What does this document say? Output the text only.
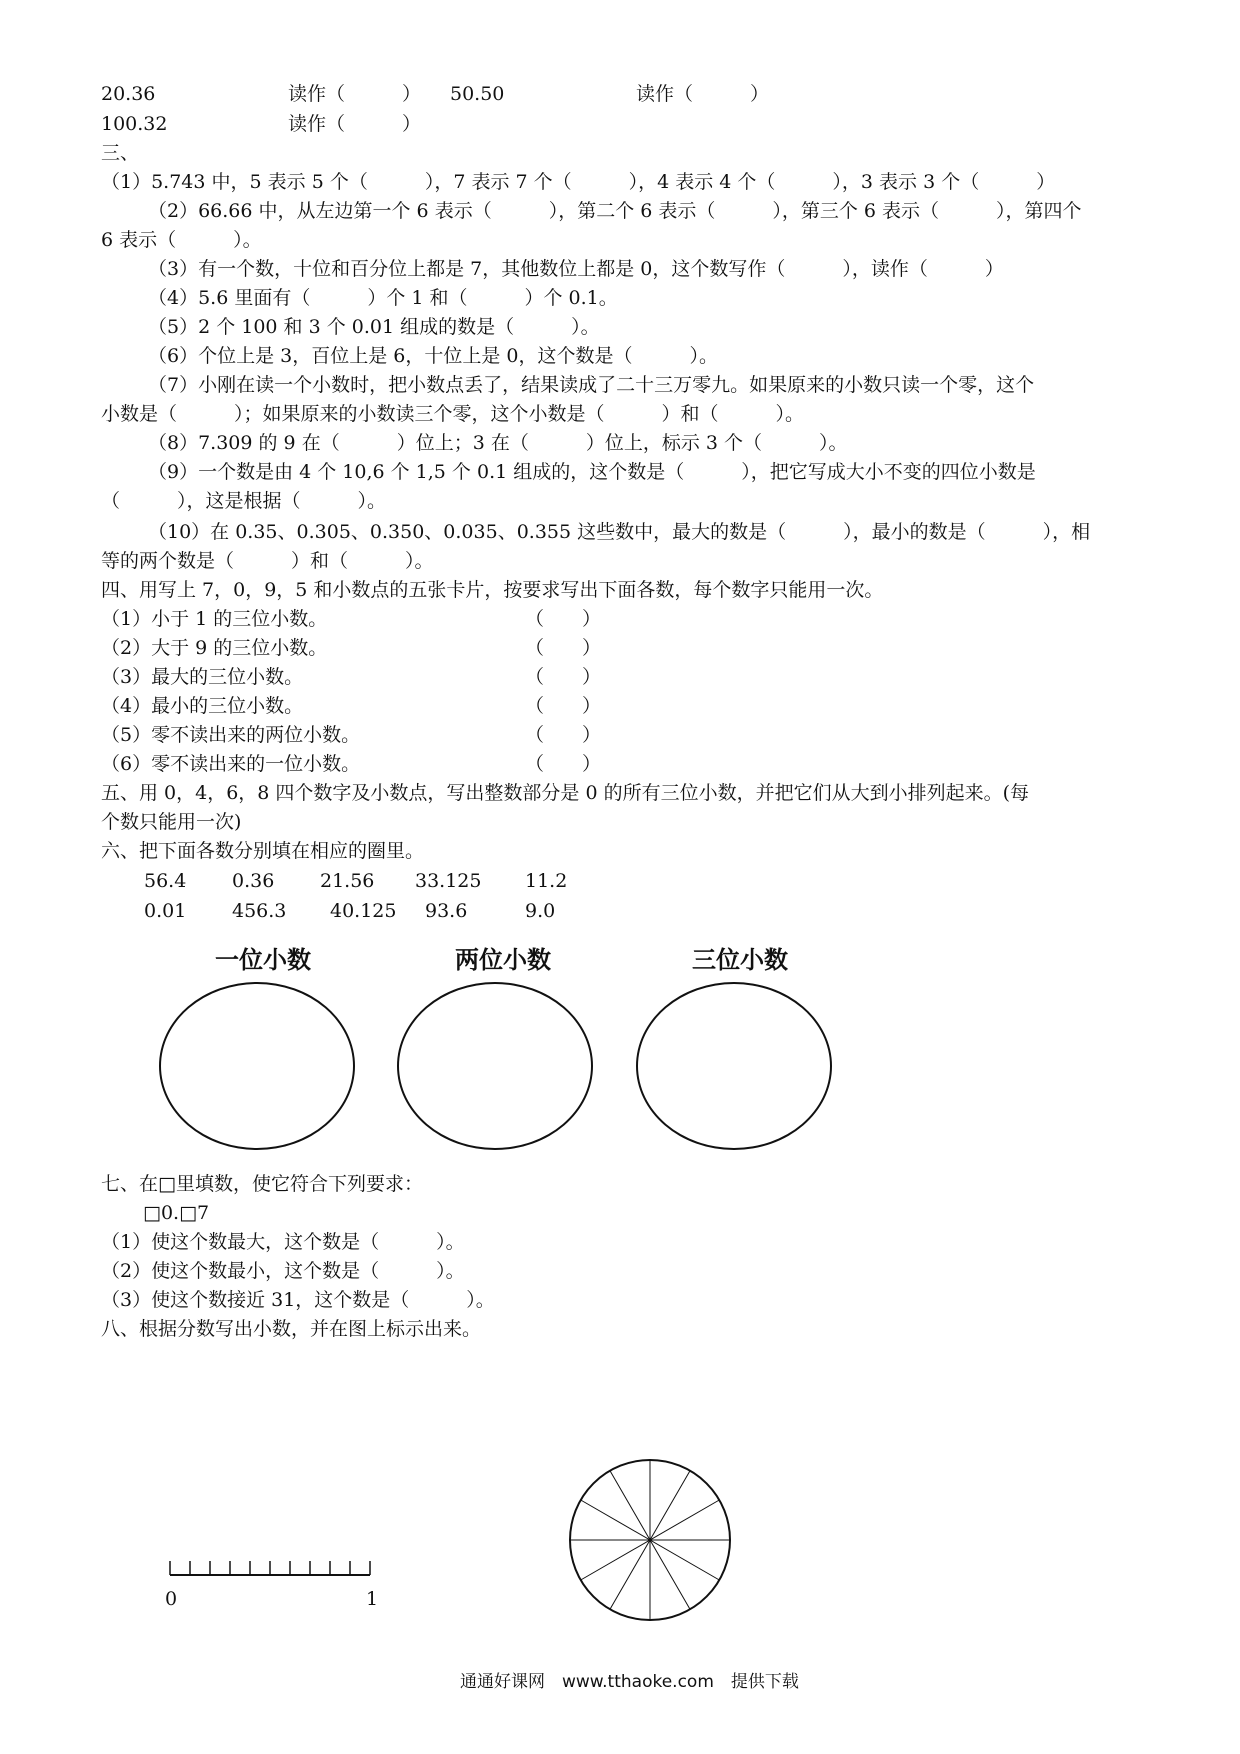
20.36	读作（　　　） 50.50	读作（　　　）
100.32	读作（　　　）
三、
（1）5.743 中，5 表示 5 个（　　　），7 表示 7 个（　　　），4 表示 4 个（　　　），3 表示 3 个（　　　）
（2）66.66 中，从左边第一个 6 表示（　　　），第二个 6 表示（　　　），第三个 6 表示（　　　），第四个
6 表示（　　　）。
（3）有一个数，十位和百分位上都是 7，其他数位上都是 0，这个数写作（　　　），读作（　　　）
（4）5.6 里面有（　　　）个 1 和（　　　）个 0.1。
（5）2 个 100 和 3 个 0.01 组成的数是（　　　）。
（6）个位上是 3，百位上是 6，十位上是 0，这个数是（　　　）。
（7）小刚在读一个小数时，把小数点丢了，结果读成了二十三万零九。如果原来的小数只读一个零，这个
小数是（　　　）；如果原来的小数读三个零，这个小数是（　　　）和（　　　）。
（8）7.309 的 9 在（　　　）位上；3 在（　　　）位上，标示 3 个（　　　）。
（9）一个数是由 4 个 10,6 个 1,5 个 0.1 组成的，这个数是（　　　），把它写成大小不变的四位小数是
（　　　），这是根据（　　　）。
（10）在 0.35、0.305、0.350、0.035、0.355 这些数中，最大的数是（　　　），最小的数是（　　　），相
等的两个数是（　　　）和（　　　）。
四、用写上 7，0，9，5 和小数点的五张卡片，按要求写出下面各数，每个数字只能用一次。
（1）小于 1 的三位小数。	（　　）
（2）大于 9 的三位小数。	（　　）
（3）最大的三位小数。	（　　）
（4）最小的三位小数。	（　　）
（5）零不读出来的两位小数。	（　　）
（6）零不读出来的一位小数。	（　　）
五、用 0，4，6，8 四个数字及小数点，写出整数部分是 0 的所有三位小数，并把它们从大到小排列起来。(每
个数只能用一次)
六、把下面各数分别填在相应的圈里。
56.4 0.36 21.56 33.125 11.2
0.01 456.3 40.125 93.6	9.0
一位小数	两位小数	三位小数
七、在□里填数，使它符合下列要求：
□0.□7
（1）使这个数最大，这个数是（　　　）。
（2）使这个数最小，这个数是（　　　）。
（3）使这个数接近 31，这个数是（　　　）。
八、根据分数写出小数，并在图上标示出来。
0	1
通通好课网　www.tthaoke.com　提供下载
